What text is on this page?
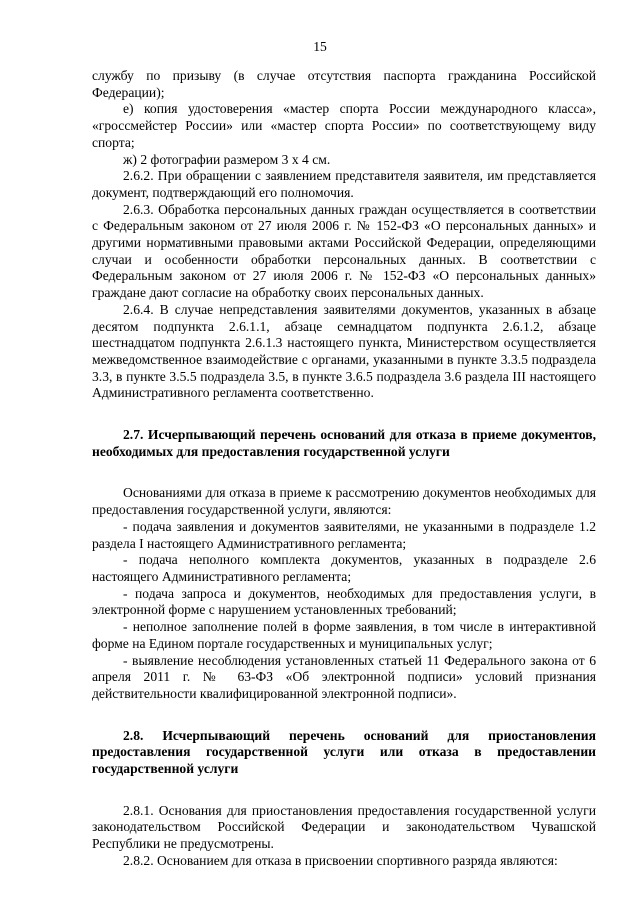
15

службу по призыву (в случае отсутствия паспорта гражданина Российской Федерации);

е) копия удостоверения «мастер спорта России международного класса», «гроссмейстер России» или «мастер спорта России» по соответствующему виду спорта;

ж) 2 фотографии размером 3 х 4 см.

2.6.2. При обращении с заявлением представителя заявителя, им представляется документ, подтверждающий его полномочия.

2.6.3. Обработка персональных данных граждан осуществляется в соответствии с Федеральным законом от 27 июля 2006 г. № 152-ФЗ «О персональных данных» и другими нормативными правовыми актами Российской Федерации, определяющими случаи и особенности обработки персональных данных. В соответствии с Федеральным законом от 27 июля 2006 г. № 152-ФЗ «О персональных данных» граждане дают согласие на обработку своих персональных данных.

2.6.4. В случае непредставления заявителями документов, указанных в абзаце десятом подпункта 2.6.1.1, абзаце семнадцатом подпункта 2.6.1.2, абзаце шестнадцатом подпункта 2.6.1.3 настоящего пункта, Министерством осуществляется межведомственное взаимодействие с органами, указанными в пункте 3.3.5 подраздела 3.3, в пункте 3.5.5 подраздела 3.5, в пункте 3.6.5 подраздела 3.6 раздела III настоящего Административного регламента соответственно.

2.7. Исчерпывающий перечень оснований для отказа в приеме документов, необходимых для предоставления государственной услуги

Основаниями для отказа в приеме к рассмотрению документов необходимых для предоставления государственной услуги, являются:

- подача заявления и документов заявителями, не указанными в подразделе 1.2 раздела I настоящего Административного регламента;

- подача неполного комплекта документов, указанных в подразделе 2.6 настоящего Административного регламента;

- подача запроса и документов, необходимых для предоставления услуги, в электронной форме с нарушением установленных требований;

- неполное заполнение полей в форме заявления, в том числе в интерактивной форме на Едином портале государственных и муниципальных услуг;

- выявление несоблюдения установленных статьей 11 Федерального закона от 6 апреля 2011 г. № 63-ФЗ «Об электронной подписи» условий признания действительности квалифицированной электронной подписи».

2.8. Исчерпывающий перечень оснований для приостановления предоставления государственной услуги или отказа в предоставлении государственной услуги

2.8.1. Основания для приостановления предоставления государственной услуги законодательством Российской Федерации и законодательством Чувашской Республики не предусмотрены.

2.8.2. Основанием для отказа в присвоении спортивного разряда являются:
